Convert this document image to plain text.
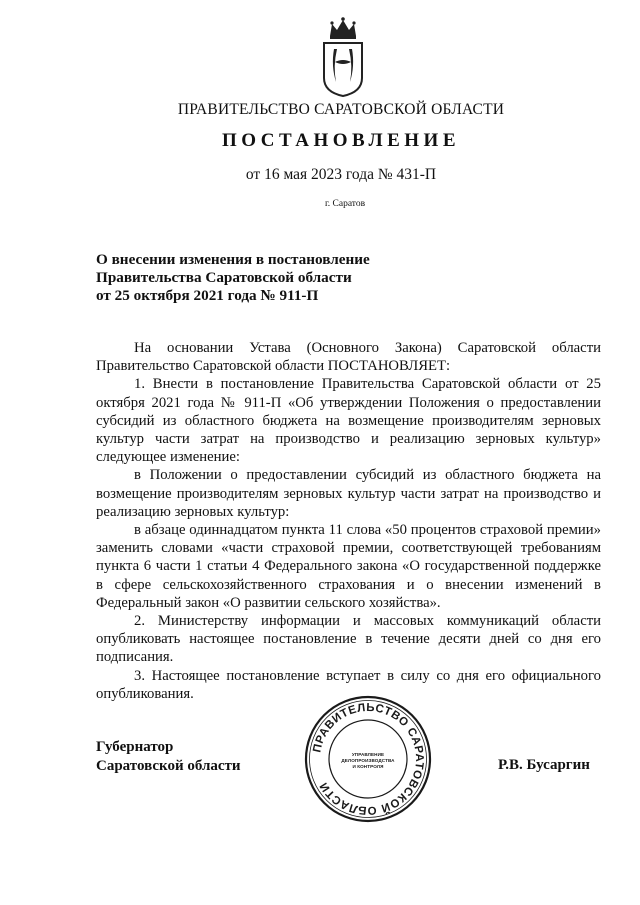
ПРАВИТЕЛЬСТВО САРАТОВСКОЙ ОБЛАСТИ
ПОСТАНОВЛЕНИЕ
от 16 мая 2023 года № 431-П
г. Саратов
О внесении изменения в постановление
Правительства Саратовской области
от 25 октября 2021 года № 911-П

На основании Устава (Основного Закона) Саратовской области Правительство Саратовской области ПОСТАНОВЛЯЕТ:

1. Внести в постановление Правительства Саратовской области от 25 октября 2021 года № 911-П «Об утверждении Положения о предоставлении субсидий из областного бюджета на возмещение производителям зерновых культур части затрат на производство и реализацию зерновых культур» следующее изменение:

в Положении о предоставлении субсидий из областного бюджета на возмещение производителям зерновых культур части затрат на производство и реализацию зерновых культур:

в абзаце одиннадцатом пункта 11 слова «50 процентов страховой премии» заменить словами «части страховой премии, соответствующей требованиям пункта 6 части 1 статьи 4 Федерального закона «О государственной поддержке в сфере сельскохозяйственного страхования и о внесении изменений в Федеральный закон «О развитии сельского хозяйства».

2. Министерству информации и массовых коммуникаций области опубликовать настоящее постановление в течение десяти дней со дня его подписания.

3. Настоящее постановление вступает в силу со дня его официального опубликования.

Губернатор
Саратовской области
ПРАВИТЕЛЬСТВО САРАТОВСКОЙ ОБЛАСТИ
УПРАВЛЕНИЕ
ДЕЛОПРОИЗВОДСТВА
И КОНТРОЛЯ	Р.В. Бусаргин
